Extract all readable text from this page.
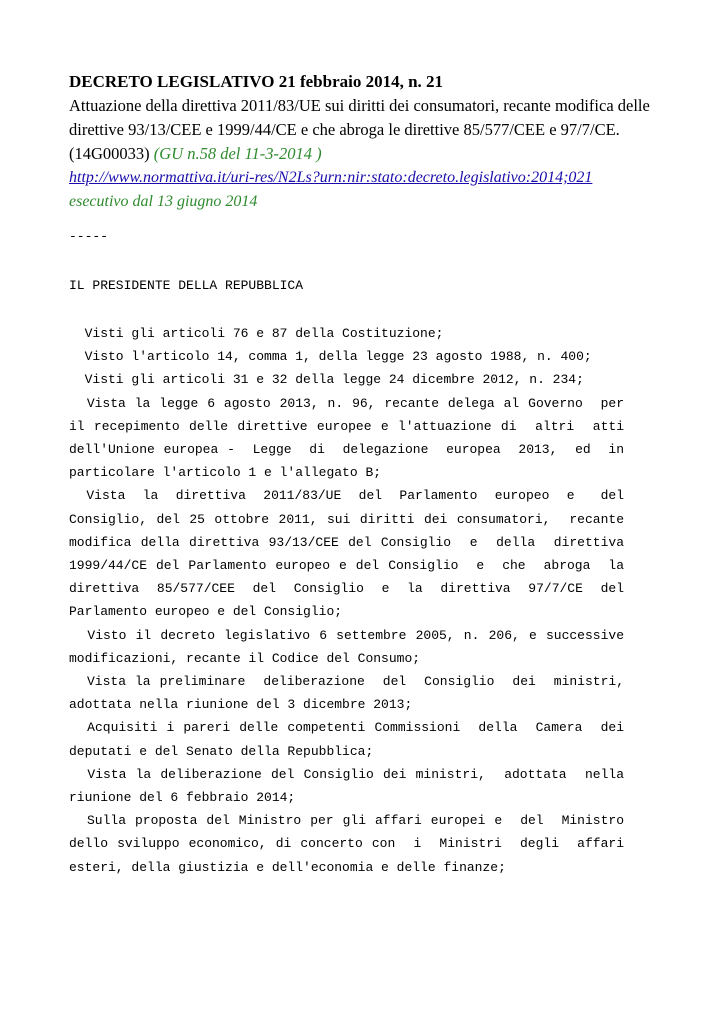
DECRETO LEGISLATIVO 21 febbraio 2014, n. 21
Attuazione della direttiva 2011/83/UE sui diritti dei consumatori, recante modifica delle direttive 93/13/CEE e 1999/44/CE e che abroga le direttive 85/577/CEE e 97/7/CE. (14G00033) (GU n.58 del 11-3-2014 )
http://www.normattiva.it/uri-res/N2Ls?urn:nir:stato:decreto.legislativo:2014;021
esecutivo dal 13 giugno 2014
-----
IL PRESIDENTE DELLA REPUBBLICA
Visti gli articoli 76 e 87 della Costituzione;
Visto l'articolo 14, comma 1, della legge 23 agosto 1988, n. 400;
Visti gli articoli 31 e 32 della legge 24 dicembre 2012, n. 234;
Vista la legge 6 agosto 2013, n. 96, recante delega al Governo  per
il recepimento delle direttive europee e l'attuazione di  altri  atti
dell'Unione europea -  Legge  di  delegazione  europea  2013,  ed  in
particolare l'articolo 1 e l'allegato B;
Vista  la  direttiva  2011/83/UE  del  Parlamento  europeo  e   del
Consiglio, del 25 ottobre 2011, sui diritti dei consumatori,  recante
modifica della direttiva 93/13/CEE del Consiglio  e  della  direttiva
1999/44/CE del Parlamento europeo e del Consiglio  e  che  abroga  la
direttiva  85/577/CEE  del  Consiglio  e  la  direttiva  97/7/CE  del
Parlamento europeo e del Consiglio;
Visto il decreto legislativo 6 settembre 2005, n. 206, e successive
modificazioni, recante il Codice del Consumo;
Vista la preliminare  deliberazione  del  Consiglio  dei  ministri,
adottata nella riunione del 3 dicembre 2013;
Acquisiti i pareri delle competenti Commissioni  della  Camera  dei
deputati e del Senato della Repubblica;
Vista la deliberazione del Consiglio dei ministri,  adottata  nella
riunione del 6 febbraio 2014;
Sulla proposta del Ministro per gli affari europei e  del  Ministro
dello sviluppo economico, di concerto con  i  Ministri  degli  affari
esteri, della giustizia e dell'economia e delle finanze;
